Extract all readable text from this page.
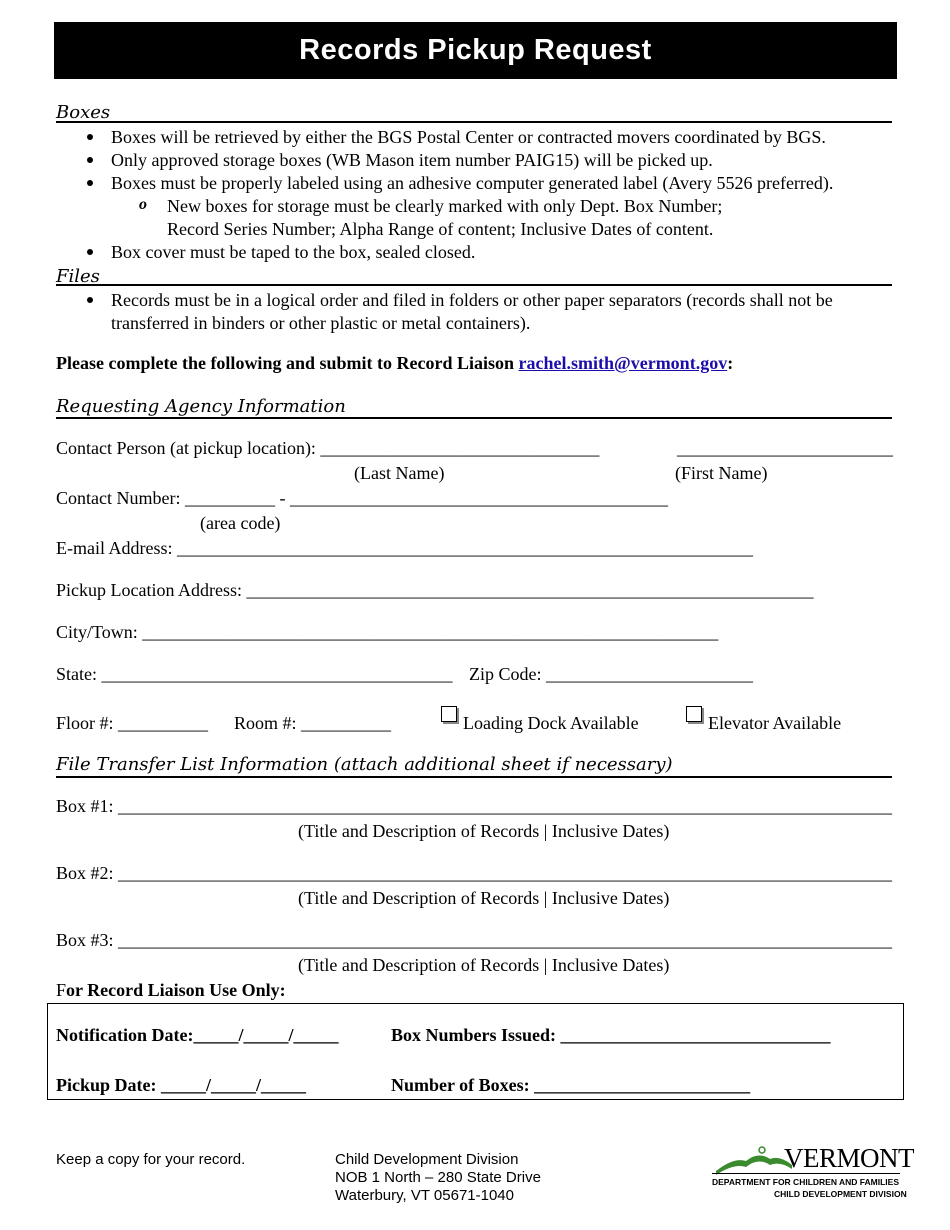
Records Pickup Request
Boxes
Boxes will be retrieved by either the BGS Postal Center or contracted movers coordinated by BGS.
Only approved storage boxes (WB Mason item number PAIG15) will be picked up.
Boxes must be properly labeled using an adhesive computer generated label (Avery 5526 preferred).
o New boxes for storage must be clearly marked with only Dept. Box Number;
Record Series Number; Alpha Range of content; Inclusive Dates of content.
Box cover must be taped to the box, sealed closed.
Files
Records must be in a logical order and filed in folders or other paper separators (records shall not be
transferred in binders or other plastic or metal containers).
Please complete the following and submit to Record Liaison rachel.smith@vermont.gov:
Requesting Agency Information
Contact Person (at pickup location): _______________________________	________________________
(Last Name)	(First Name)
Contact Number: __________ - __________________________________________
(area code)
E-mail Address: ________________________________________________________________
Pickup Location Address: _______________________________________________________________
City/Town: ________________________________________________________________
State: _______________________________________ Zip Code: _______________________
Floor #: __________ Room #: __________	Loading Dock Available	Elevator Available
File Transfer List Information (attach additional sheet if necessary)
Box #1: ______________________________________________________________________________________
(Title and Description of Records | Inclusive Dates)
Box #2: ______________________________________________________________________________________
(Title and Description of Records | Inclusive Dates)
Box #3: ______________________________________________________________________________________
(Title and Description of Records | Inclusive Dates)
For Record Liaison Use Only:
Notification Date:_____/_____/_____	Box Numbers Issued: ______________________________
Pickup Date: _____/_____/_____	Number of Boxes: ________________________
Keep a copy for your record.	Child Development Division
NOB 1 North – 280 State Drive
Waterbury, VT 05671-1040
VERMONT
DEPARTMENT FOR CHILDREN AND FAMILIES
CHILD DEVELOPMENT DIVISION
